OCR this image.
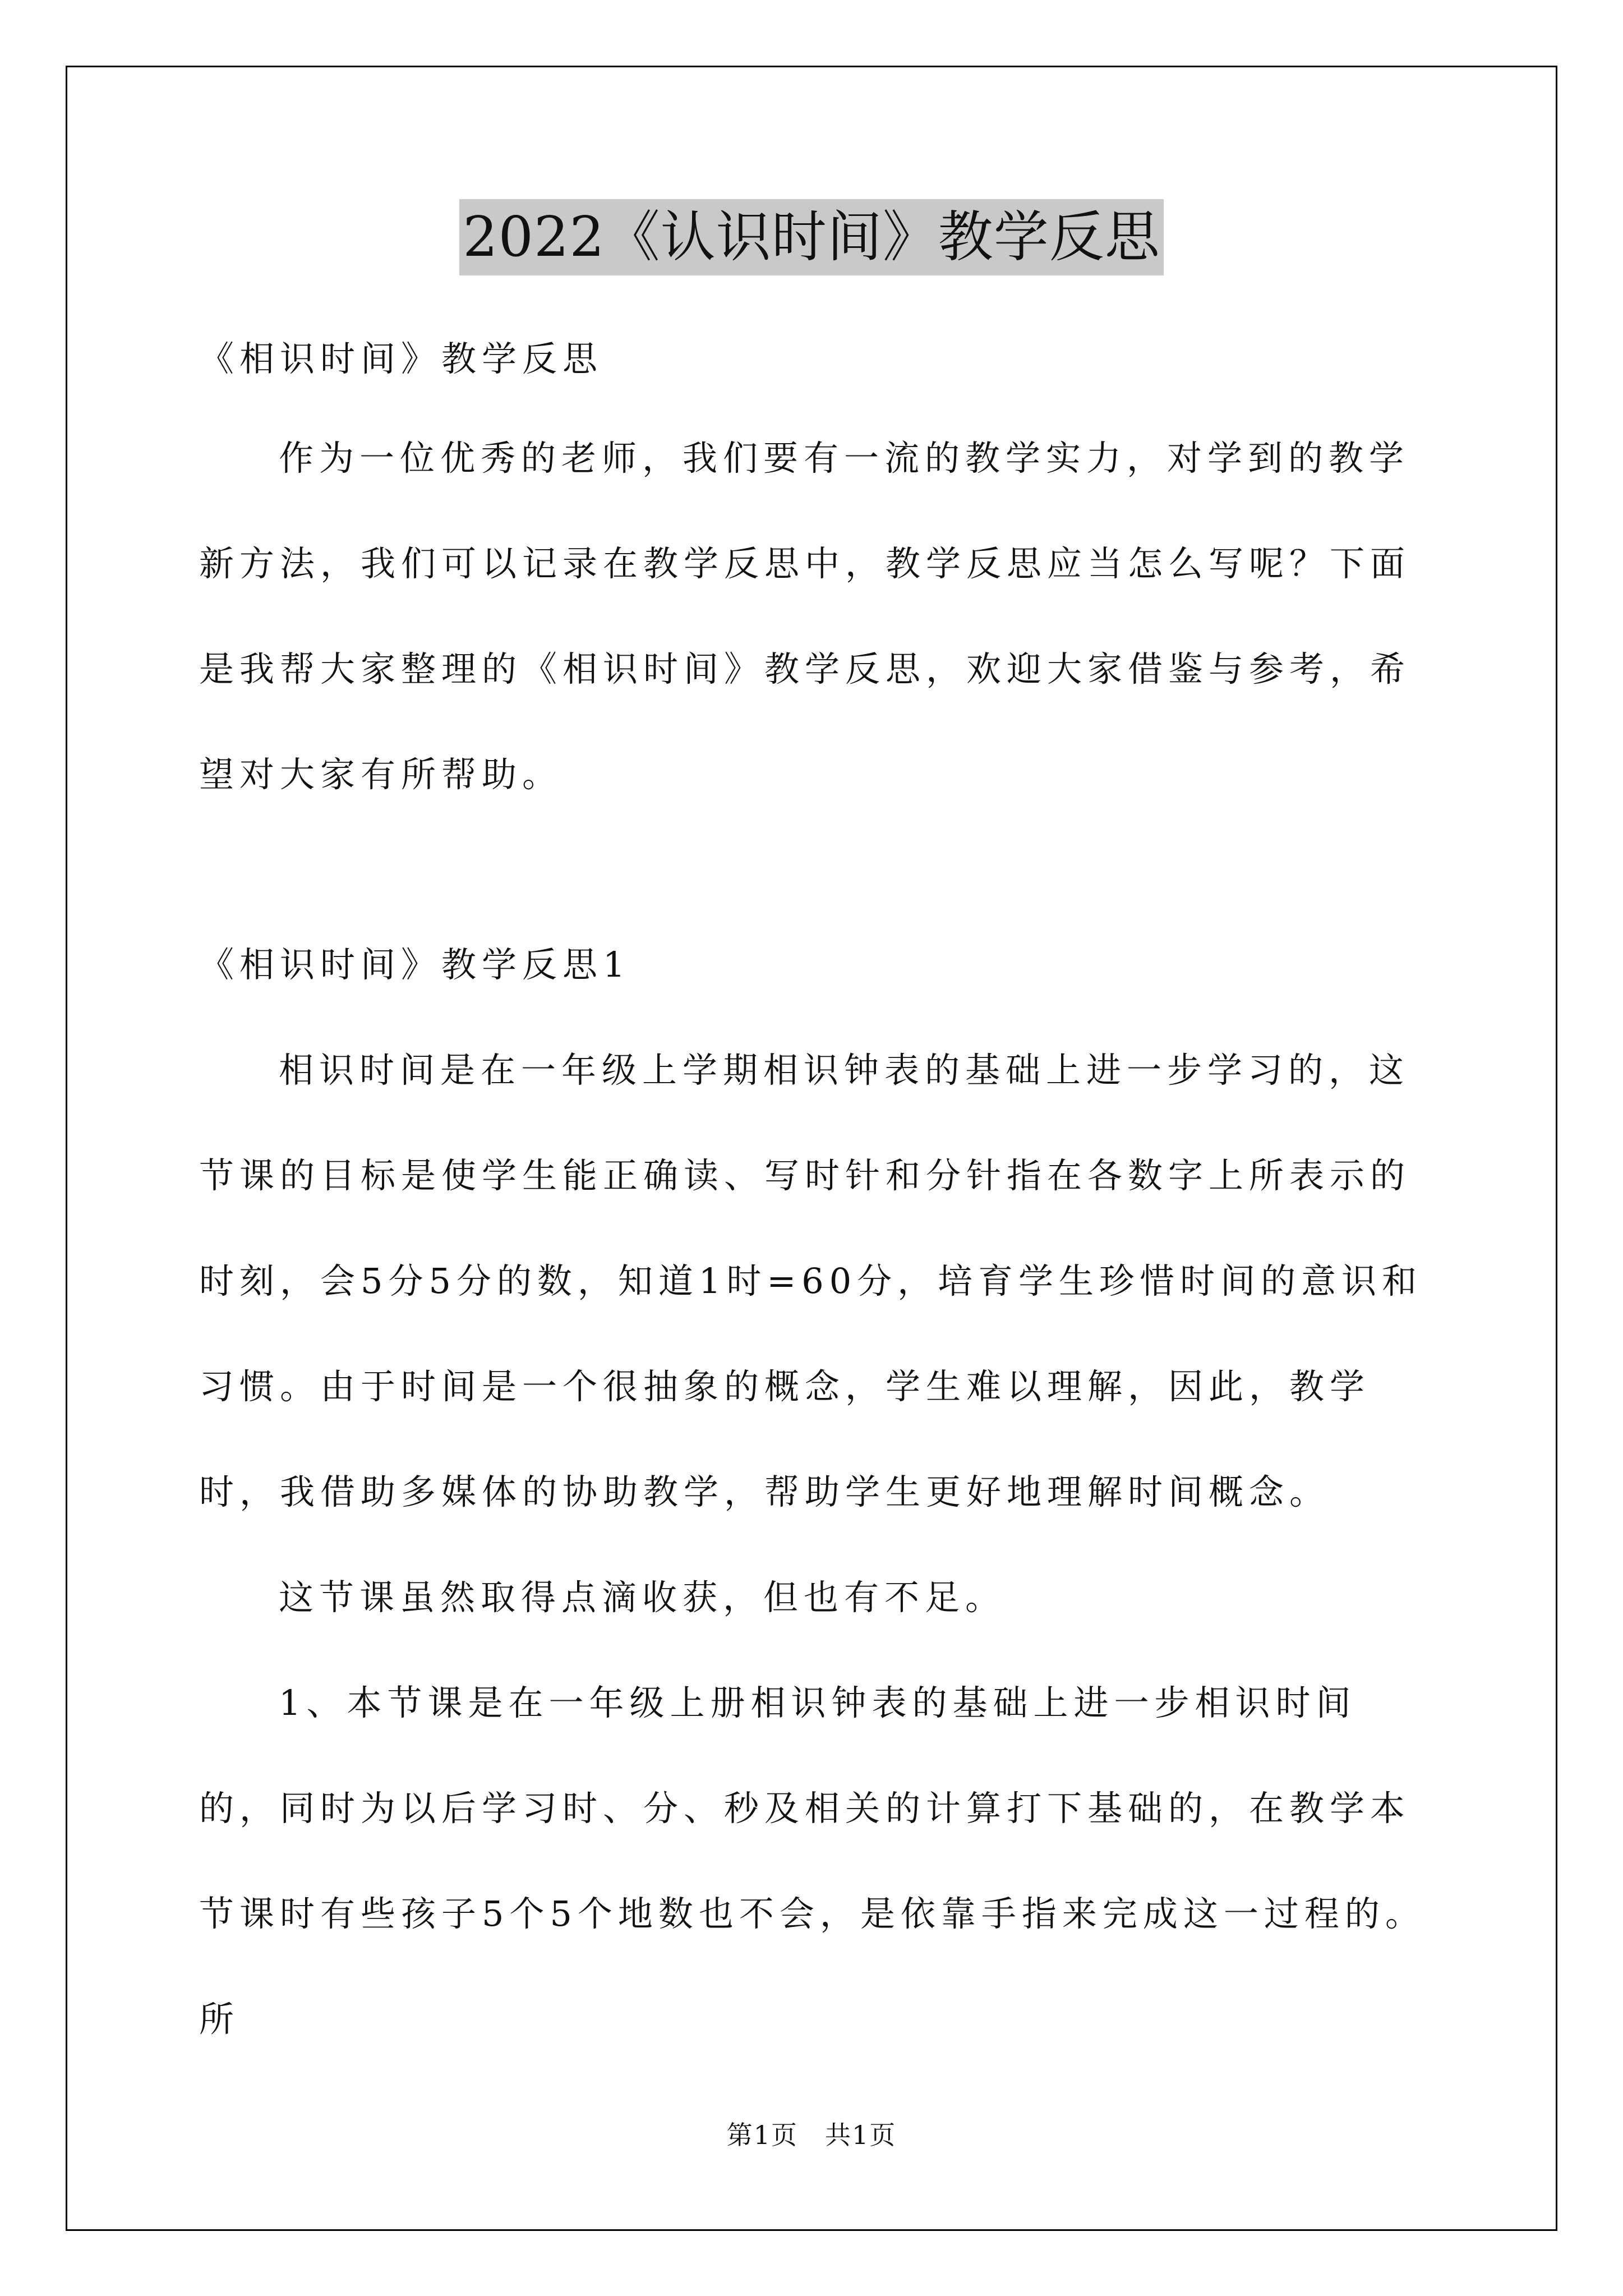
2022《认识时间》教学反思
《相识时间》教学反思

作为一位优秀的老师，我们要有一流的教学实力，对学到的教学新方法，我们可以记录在教学反思中，教学反思应当怎么写呢？下面是我帮大家整理的《相识时间》教学反思，欢迎大家借鉴与参考，希望对大家有所帮助。

《相识时间》教学反思1

相识时间是在一年级上学期相识钟表的基础上进一步学习的，这节课的目标是使学生能正确读、写时针和分针指在各数字上所表示的时刻，会5分5分的数，知道1时=60分，培育学生珍惜时间的意识和习惯。由于时间是一个很抽象的概念，学生难以理解，因此，教学时，我借助多媒体的协助教学，帮助学生更好地理解时间概念。

这节课虽然取得点滴收获，但也有不足。

1、本节课是在一年级上册相识钟表的基础上进一步相识时间的，同时为以后学习时、分、秒及相关的计算打下基础的，在教学本节课时有些孩子5个5个地数也不会，是依靠手指来完成这一过程的。所

第1页　共1页
